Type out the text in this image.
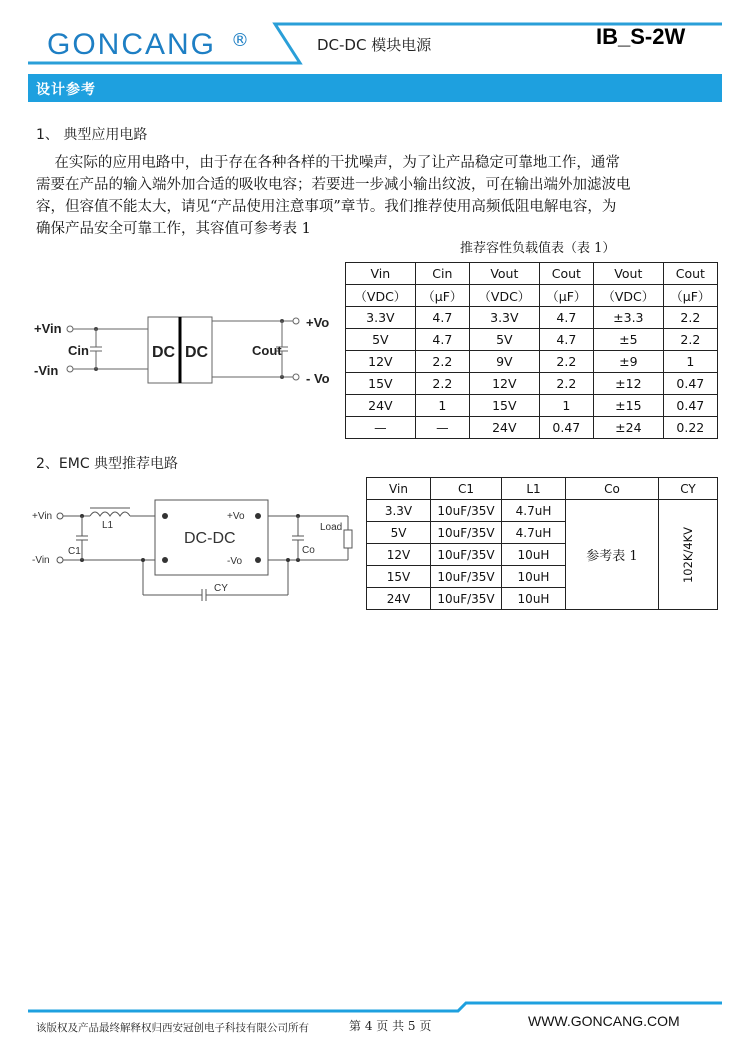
GONCANG ®	DC-DC 模块电源	IB_S-2W
设计参考
1、 典型应用电路
在实际的应用电路中，由于存在各种各样的干扰噪声，为了让产品稳定可靠地工作，通常
需要在产品的输入端外加合适的吸收电容；若要进一步减小输出纹波，可在输出端外加滤波电
容，但容值不能太大，请见“产品使用注意事项”章节。我们推荐使用高频低阻电解电容，为
确保产品安全可靠工作，其容值可参考表 1
+Vin
-Vin
Cin	DC DC	Cout
+Vo
- Vo
推荐容性负载值表（表 1）
Vin	Cin	Vout	Cout	Vout	Cout
（VDC）	（μF）	（VDC）	（μF）	（VDC）	（μF）
3.3V	4.7	3.3V	4.7	±3.3	2.2
5V	4.7	5V	4.7	±5	2.2
12V	2.2	9V	2.2	±9	1
15V	2.2	12V	2.2	±12	0.47
24V	1	15V	1	±15	0.47
—	—	24V	0.47	±24	0.22
2、EMC 典型推荐电路
+Vin
-Vin
L1
C1
+Vo
-Vo
DC-DC
Co
Load
CY
Vin	C1	L1	Co	CY
3.3V	10uF/35V	4.7uH	参考表 1	102K/4KV
5V	10uF/35V	4.7uH		
12V	10uF/35V	10uH		
15V	10uF/35V	10uH		
24V	10uF/35V	10uH		
该版权及产品最终解释权归西安冠创电子科技有限公司所有	第 4 页 共 5 页	WWW.GONCANG.COM
